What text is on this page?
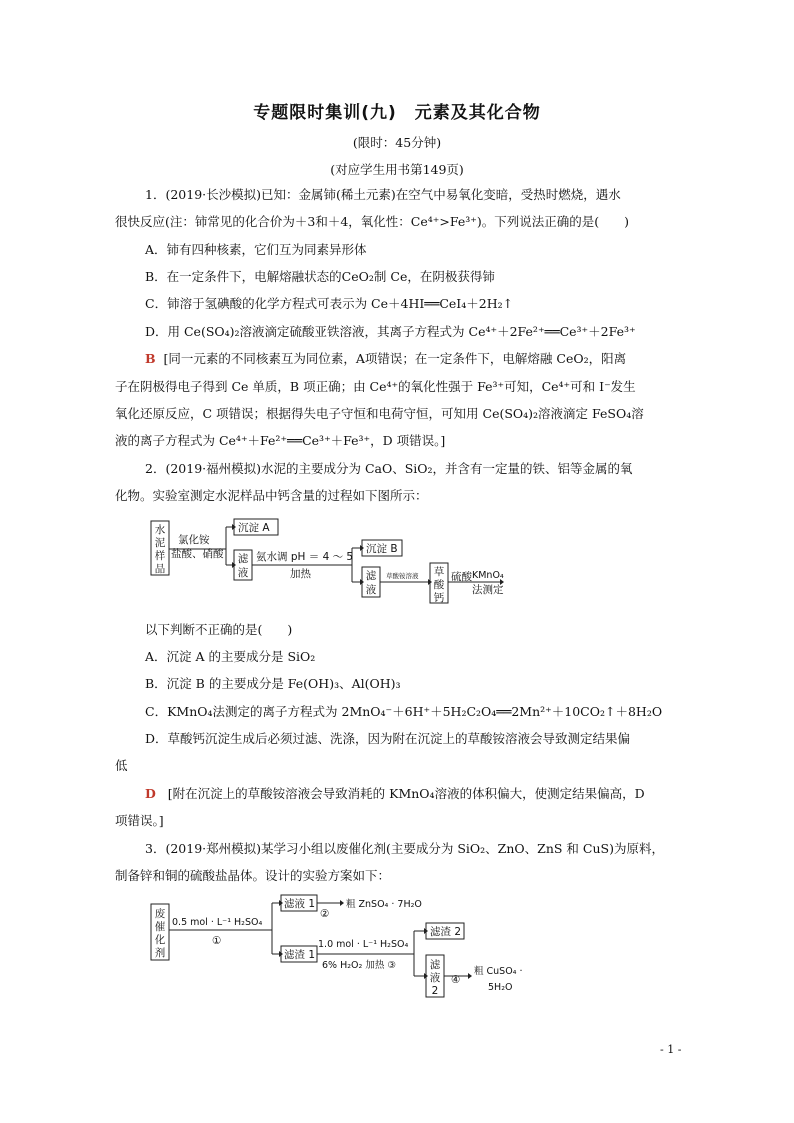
专题限时集训(九)　元素及其化合物
(限时：45分钟)
(对应学生用书第149页)
1．(2019·长沙模拟)已知：金属铈(稀土元素)在空气中易氧化变暗，受热时燃烧，遇水
很快反应(注：铈常见的化合价为＋3和＋4，氧化性：Ce⁴⁺>Fe³⁺)。下列说法正确的是(　　)
A．铈有四种核素，它们互为同素异形体
B．在一定条件下，电解熔融状态的CeO₂制 Ce，在阴极获得铈
C．铈溶于氢碘酸的化学方程式可表示为 Ce＋4HI══CeI₄＋2H₂↑
D．用 Ce(SO₄)₂溶液滴定硫酸亚铁溶液，其离子方程式为 Ce⁴⁺＋2Fe²⁺══Ce³⁺＋2Fe³⁺
B [同一元素的不同核素互为同位素，A项错误；在一定条件下，电解熔融 CeO₂，阳离
子在阴极得电子得到 Ce 单质，B 项正确；由 Ce⁴⁺的氧化性强于 Fe³⁺可知，Ce⁴⁺可和 I⁻发生
氧化还原反应，C 项错误；根据得失电子守恒和电荷守恒，可知用 Ce(SO₄)₂溶液滴定 FeSO₄溶
液的离子方程式为 Ce⁴⁺＋Fe²⁺══Ce³⁺＋Fe³⁺，D 项错误。]
2．(2019·福州模拟)水泥的主要成分为 CaO、SiO₂，并含有一定量的铁、铝等金属的氧
化物。实验室测定水泥样品中钙含量的过程如下图所示：
水
泥
样
品
氯化铵
盐酸、硝酸
沉淀 A
滤
液
氨水调 pH ＝ 4 ～ 5
加热
沉淀 B
滤
液
草酸铵溶液 草
酸
钙
硫酸 KMnO₄
法测定
废
催
化
剂
0.5 mol · L⁻¹ H₂SO₄
①
滤液 1
②
粗 ZnSO₄ · 7H₂O
滤渣 1
1.0 mol · L⁻¹ H₂SO₄
6% H₂O₂ 加热 ③
滤渣 2
滤
液
2
④
粗 CuSO₄ ·
5H₂O
以下判断不正确的是(　　)
A．沉淀 A 的主要成分是 SiO₂
B．沉淀 B 的主要成分是 Fe(OH)₃、Al(OH)₃
C．KMnO₄法测定的离子方程式为 2MnO₄⁻＋6H⁺＋5H₂C₂O₄══2Mn²⁺＋10CO₂↑＋8H₂O
D．草酸钙沉淀生成后必须过滤、洗涤，因为附在沉淀上的草酸铵溶液会导致测定结果偏
低
D [附在沉淀上的草酸铵溶液会导致消耗的 KMnO₄溶液的体积偏大，使测定结果偏高，D
项错误。]
3．(2019·郑州模拟)某学习小组以废催化剂(主要成分为 SiO₂、ZnO、ZnS 和 CuS)为原料，
制备锌和铜的硫酸盐晶体。设计的实验方案如下：
- 1 -
